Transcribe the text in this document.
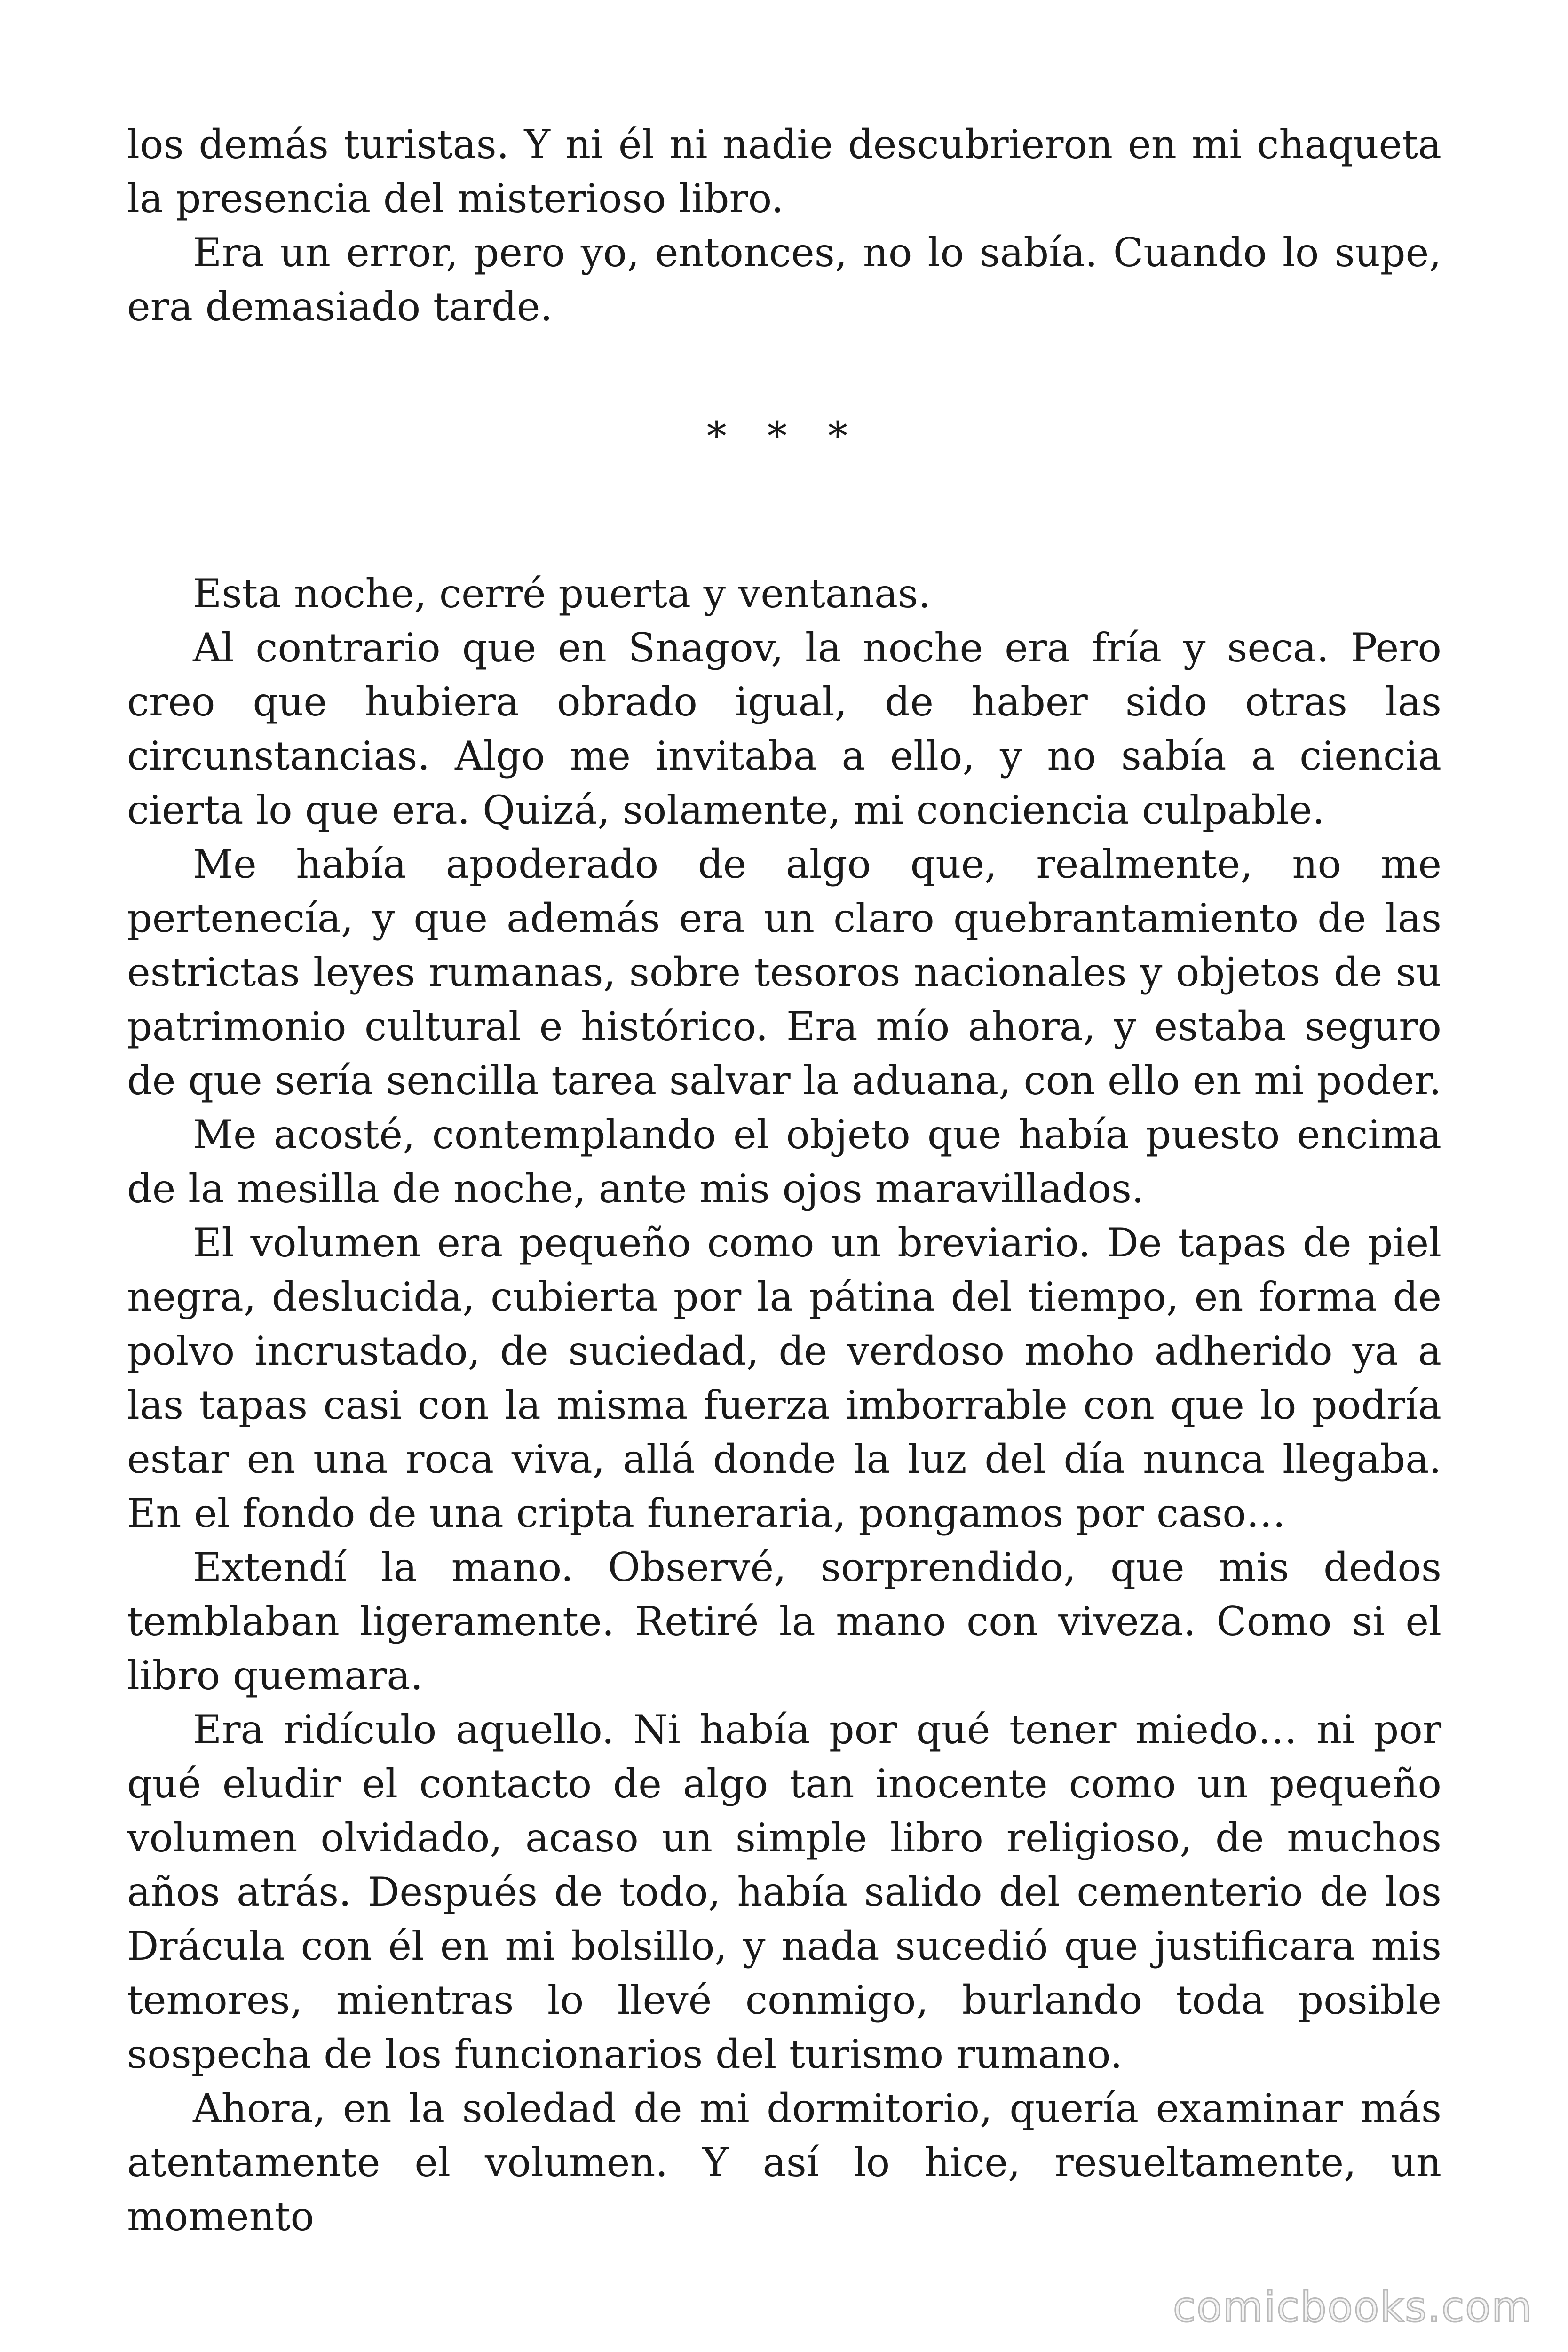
los demás turistas. Y ni él ni nadie descubrieron en mi chaqueta la presencia del misterioso libro.

Era un error, pero yo, entonces, no lo sabía. Cuando lo supe, era demasiado tarde.

* * *

Esta noche, cerré puerta y ventanas.

Al contrario que en Snagov, la noche era fría y seca. Pero creo que hubiera obrado igual, de haber sido otras las circunstancias. Algo me invitaba a ello, y no sabía a ciencia cierta lo que era. Quizá, solamente, mi conciencia culpable.

Me había apoderado de algo que, realmente, no me pertenecía, y que además era un claro quebrantamiento de las estrictas leyes rumanas, sobre tesoros nacionales y objetos de su patrimonio cultural e histórico. Era mío ahora, y estaba seguro de que sería sencilla tarea salvar la aduana, con ello en mi poder.

Me acosté, contemplando el objeto que había puesto encima de la mesilla de noche, ante mis ojos maravillados.

El volumen era pequeño como un breviario. De tapas de piel negra, deslucida, cubierta por la pátina del tiempo, en forma de polvo incrustado, de suciedad, de verdoso moho adherido ya a las tapas casi con la misma fuerza imborrable con que lo podría estar en una roca viva, allá donde la luz del día nunca llegaba. En el fondo de una cripta funeraria, pongamos por caso…

Extendí la mano. Observé, sorprendido, que mis dedos temblaban ligeramente. Retiré la mano con viveza. Como si el libro quemara.

Era ridículo aquello. Ni había por qué tener miedo… ni por qué eludir el contacto de algo tan inocente como un pequeño volumen olvidado, acaso un simple libro religioso, de muchos años atrás. Después de todo, había salido del cementerio de los Drácula con él en mi bolsillo, y nada sucedió que justificara mis temores, mientras lo llevé conmigo, burlando toda posible sospecha de los funcionarios del turismo rumano.

Ahora, en la soledad de mi dormitorio, quería examinar más atentamente el volumen. Y así lo hice, resueltamente, un momento

comicbooks.com
